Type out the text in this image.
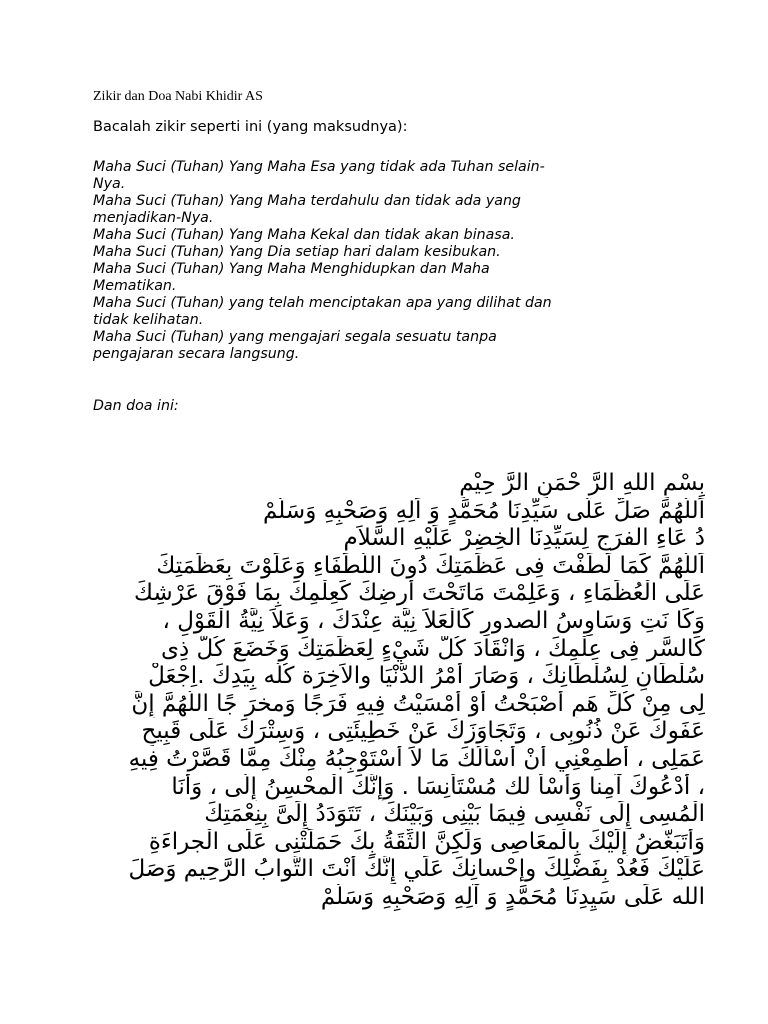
Zikir dan Doa Nabi Khidir AS

Bacalah zikir seperti ini (yang maksudnya):

Maha Suci (Tuhan) Yang Maha Esa yang tidak ada Tuhan selain-
Nya.
Maha Suci (Tuhan) Yang Maha terdahulu dan tidak ada yang
menjadikan-Nya.
Maha Suci (Tuhan) Yang Maha Kekal dan tidak akan binasa.
Maha Suci (Tuhan) Yang Dia setiap hari dalam kesibukan.
Maha Suci (Tuhan) Yang Maha Menghidupkan dan Maha
Mematikan.
Maha Suci (Tuhan) yang telah menciptakan apa yang dilihat dan
tidak kelihatan.
Maha Suci (Tuhan) yang mengajari segala sesuatu tanpa
pengajaran secara langsung.

Dan doa ini:

بِسْمِ اللهِ الرَّ حْمَنِ الرَّ حِيْمِ
اَللَّهُمَّ صَلِّ عَلَّى سَيِّدِنَا مُحَمَّدٍ وَ اَلِهِ وَصَحْبِهِ وَسَلَّمْ
دُ عَاءِ الفرَجِ لِسَيِّدِنَا الخِضِرْ عَلَيْهِ السَّلاَم
اَللَّهُمَّ كَمَا لَطَفْتَ فِى عَظَمَتِكَ دُونَ اللُّطَفَاءِ وَعَلَوْتَ بِعَظَمَتِكَ
عَلَى الْعُظَمَاءِ ، وَعَلِمْتَ مَاتَحْتَ أَرضِكَ كَعِلْمِكَ بِمَا فَوْقَ عَرْشِكَ
وَكَا نَتِ وَسَاوِسُ الصدورِ كَالْعَلاَ نِيَّة عِنْدَكَ ، وَعَلاَ نِيَّةُ الْقَوْلِ ،
كَالسَّر فِى عِلْمِكَ ، وَانْقَادَ كُلُّ شَيْءٍ لِعَظَمَتِكَ وَخَضَعَ كُلُّ ذِى
سُلْطَانٍ لِسُلْطَانِكَ ، وَصَارَ أَمْرُ الدُّنْيَا والاَخِرَة كُلُّه بِيَدِكَ .اِجْعَلْ
لِى مِنْ كُلِّ هَمٍ أَصْبَحْتُ أَوْ أَمْسَيْتُ فِيهِ فَرَجًا وَمخرَ جًا اللَّهُمَّ إِنَّ
عَفَوكَ عَنْ ذُنُوبِى ، وَتَجَاوَزَكَ عَنْ خَطِيئَتِى ، وَسِتْرَكَ عَلَى قَبِيحِ
عَمَلِى ، أَطمِعْنِي أَنْ أَسْأَلُكَ مَا لاَ أَسْتَوْجِبُهُ مِنْكَ مِمَّا قَصَّرْتُ فِيهِ
، أَدْعُوكَ آمِنا وَأسْأَ لك مُسْتَأنِسَا . وَإِنَّكَ الْمحْسِنُ إِلَّى ، وَأَنَا
الْمُسِى إِلَى نَفْسِى فِيمَا بَيْنِى وَبَيْنَكَ ، تَتَوَدَدُ إِلَىَّ بِنِعْمَتِكَ
وَأَتَبَغَّضُ إِلَيْكَ بِالْمعَاصِى وَلَكِنَّ الثِّقَةُ بِكَ حَمَلَتْنِى عَلَى الْجراءَةِ
عَلَيْكَ فَعُدْ بِفَضْلِكَ وإحْسانِكَ عَلَي إِنَّكَ أَنْتَ التَّوابُ الرَّحِيم وَصَلَ
الله عَلَى سَيِدِنَا مُحَمَّدٍ وَ آلِهِ وَصَحْبِهِ وَسَلَّمْ
